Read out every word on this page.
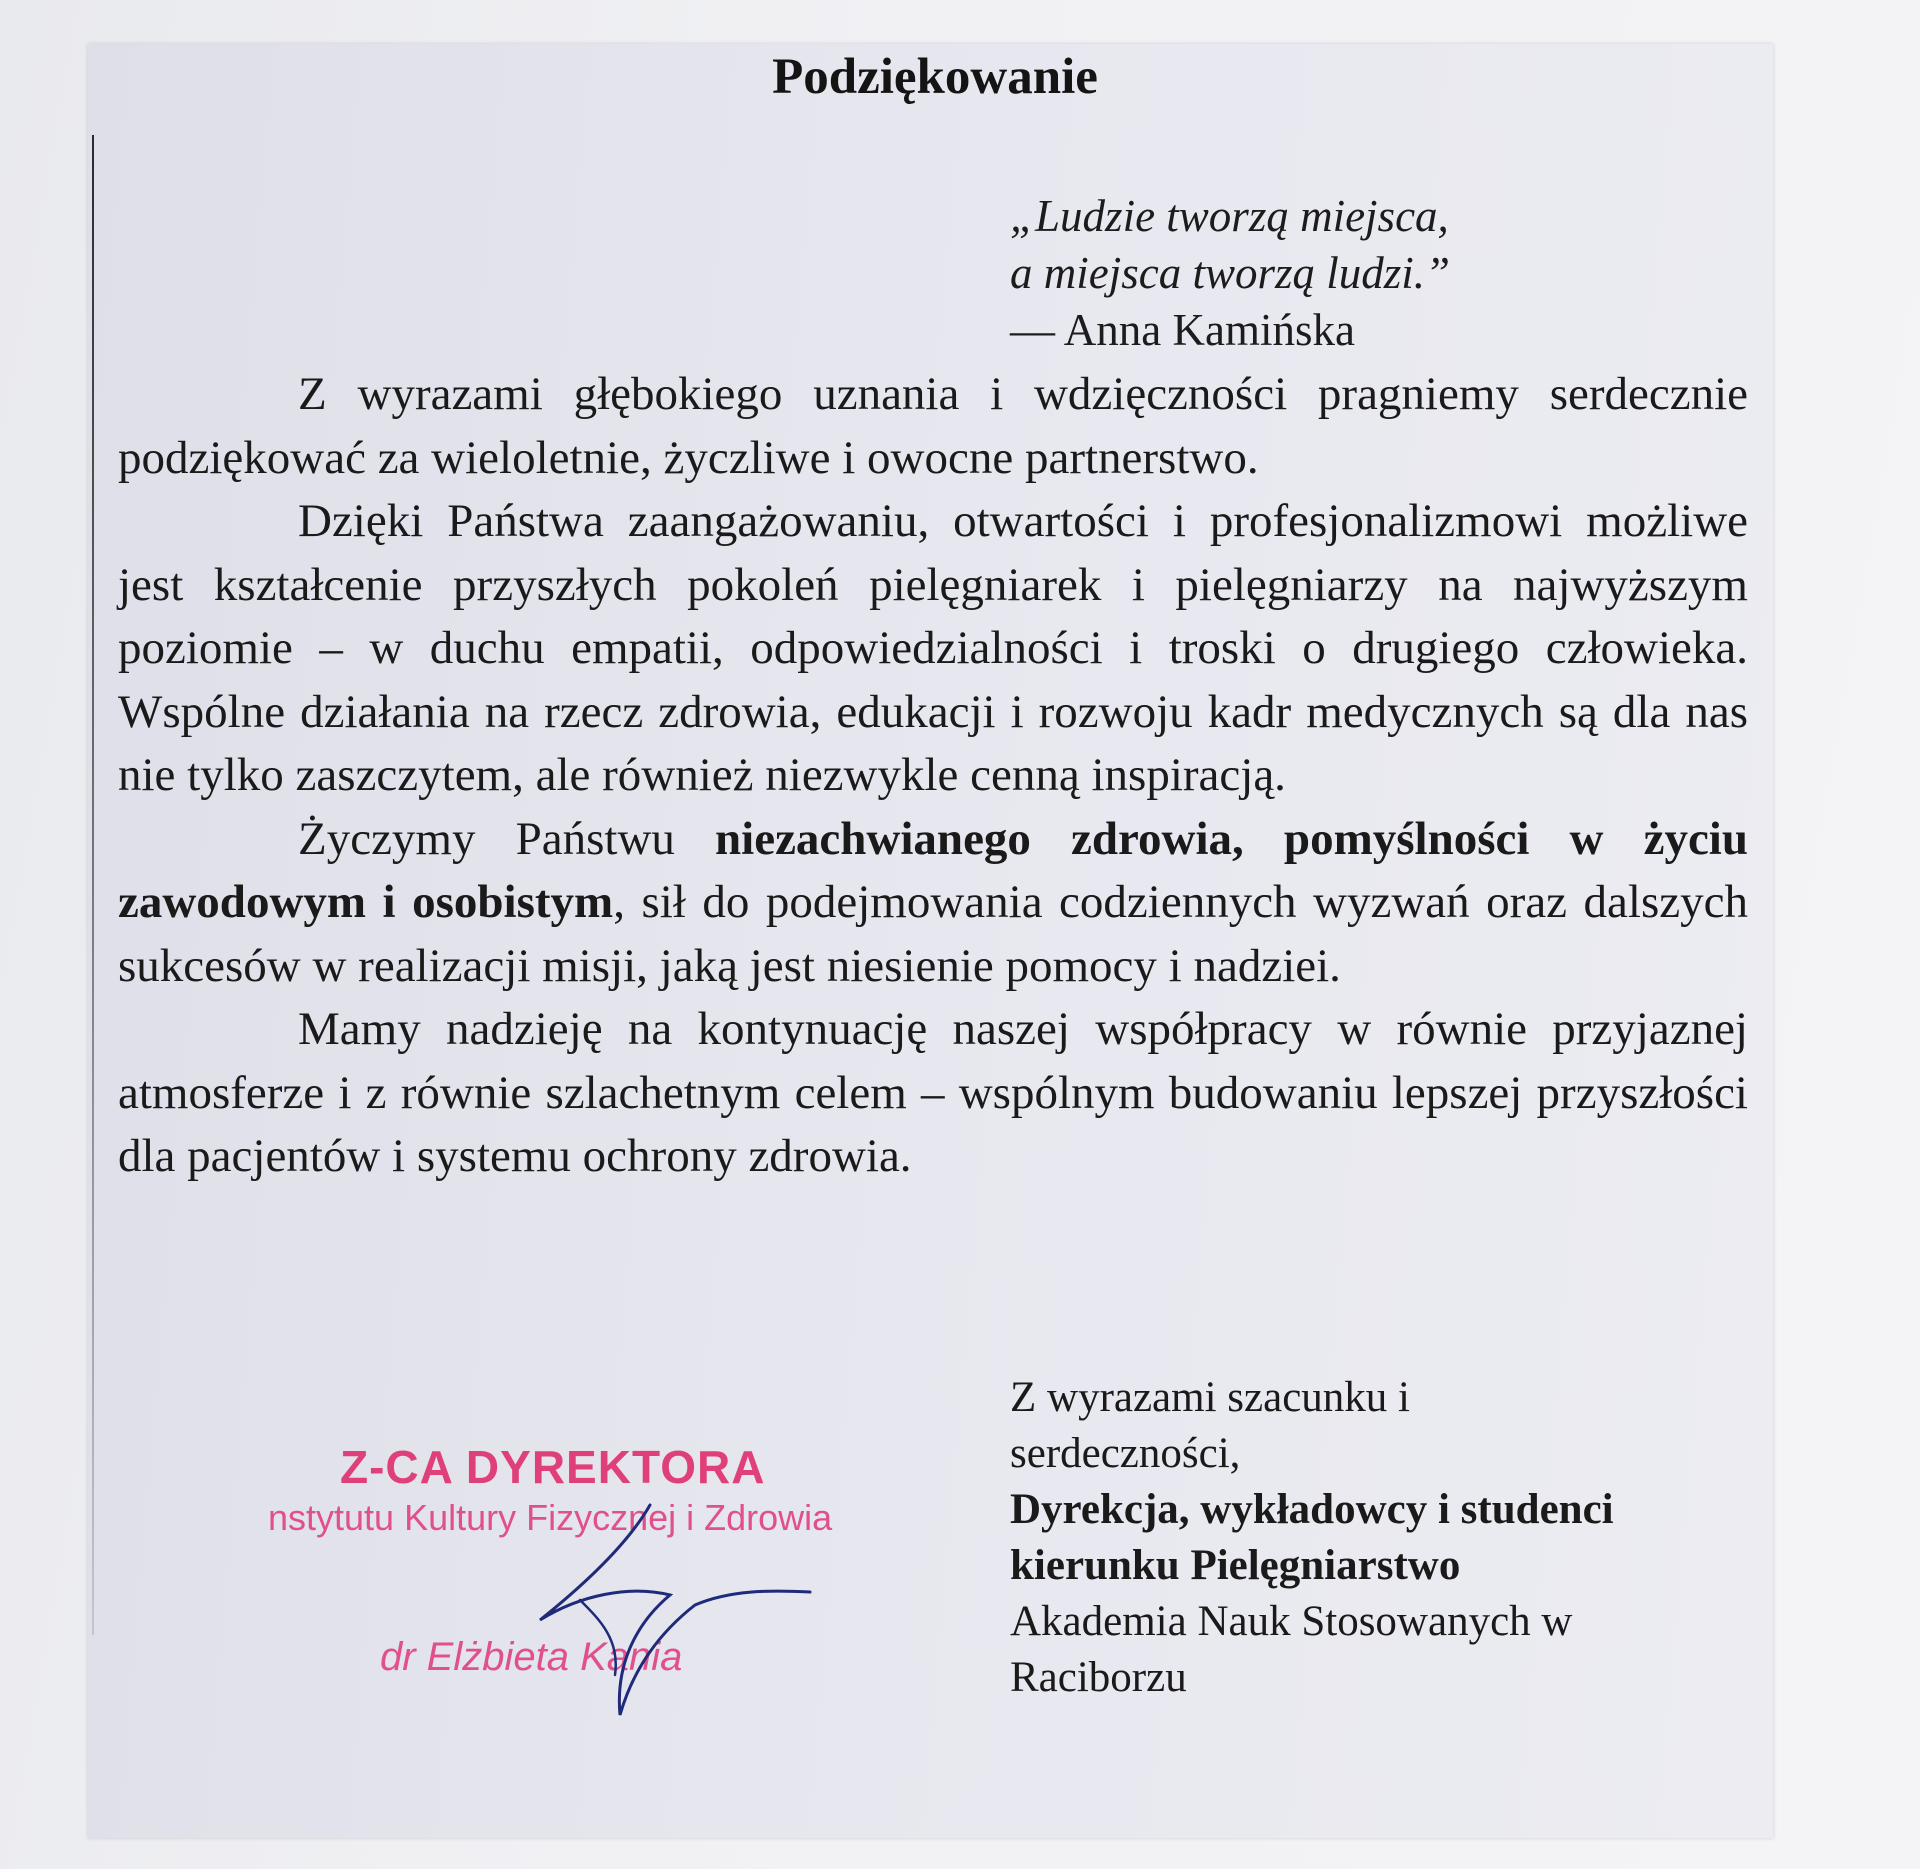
Podziękowanie
„Ludzie tworzą miejsca,
a miejsca tworzą ludzi.”
— Anna Kamińska

Z wyrazami głębokiego uznania i wdzięczności pragniemy serdecznie podziękować za wieloletnie, życzliwe i owocne partnerstwo.

Dzięki Państwa zaangażowaniu, otwartości i profesjonalizmowi możliwe jest kształcenie przyszłych pokoleń pielęgniarek i pielęgniarzy na najwyższym poziomie – w duchu empatii, odpowiedzialności i troski o drugiego człowieka. Wspólne działania na rzecz zdrowia, edukacji i rozwoju kadr medycznych są dla nas nie tylko zaszczytem, ale również niezwykle cenną inspiracją.

Życzymy Państwu niezachwianego zdrowia, pomyślności w życiu zawodowym i osobistym, sił do podejmowania codziennych wyzwań oraz dalszych sukcesów w realizacji misji, jaką jest niesienie pomocy i nadziei.

Mamy nadzieję na kontynuację naszej współpracy w równie przyjaznej atmosferze i z równie szlachetnym celem – wspólnym budowaniu lepszej przyszłości dla pacjentów i systemu ochrony zdrowia.

Z-CA DYREKTORA
nstytutu Kultury Fizycznej i Zdrowia
dr Elżbieta Kania
Z wyrazami szacunku i
serdeczności,
Dyrekcja, wykładowcy i studenci
kierunku Pielęgniarstwo
Akademia Nauk Stosowanych w
Raciborzu
